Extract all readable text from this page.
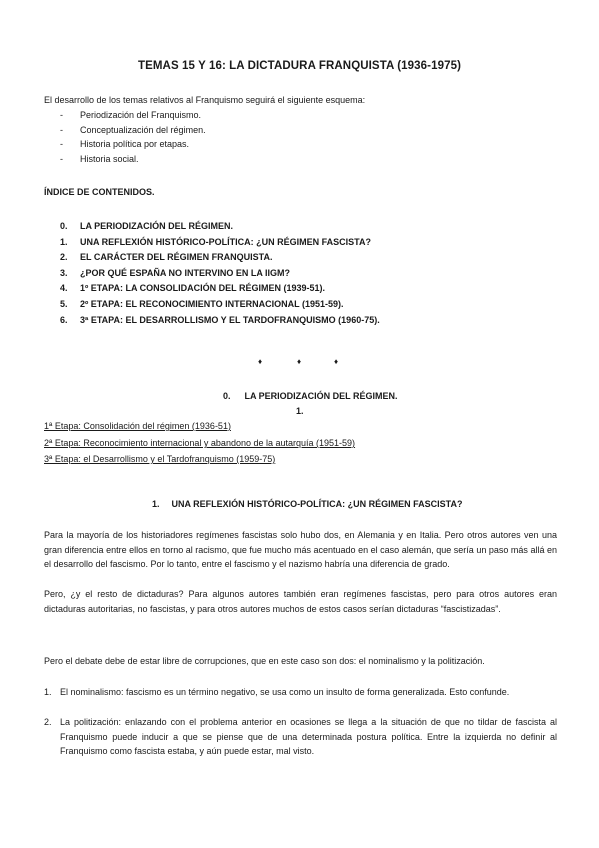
TEMAS 15 Y 16: LA DICTADURA FRANQUISTA (1936-1975)
El desarrollo de los temas relativos al Franquismo seguirá el siguiente esquema:
- Periodización del Franquismo.
- Conceptualización del régimen.
- Historia política por etapas.
- Historia social.
ÍNDICE DE CONTENIDOS.
0. LA PERIODIZACIÓN DEL RÉGIMEN.
1. UNA REFLEXIÓN HISTÓRICO-POLÍTICA: ¿UN RÉGIMEN FASCISTA?
2. EL CARÁCTER DEL RÉGIMEN FRANQUISTA.
3. ¿POR QUÉ ESPAÑA NO INTERVINO EN LA IIGM?
4. 1º ETAPA: LA CONSOLIDACIÓN DEL RÉGIMEN (1939-51).
5. 2º ETAPA: EL RECONOCIMIENTO INTERNACIONAL (1951-59).
6. 3ª ETAPA: EL DESARROLLISMO Y EL TARDOFRANQUISMO (1960-75).
♦	♦	♦
0. LA PERIODIZACIÓN DEL RÉGIMEN.
1.
1ª Etapa: Consolidación del régimen (1936-51)
2ª Etapa: Reconocimiento internacional y abandono de la autarquía (1951-59)
3ª Etapa: el Desarrollismo y el Tardofranquismo (1959-75)
1. UNA REFLEXIÓN HISTÓRICO-POLÍTICA: ¿UN RÉGIMEN FASCISTA?
Para la mayoría de los historiadores regímenes fascistas solo hubo dos, en Alemania y en Italia. Pero otros autores ven una gran diferencia entre ellos en torno al racismo, que fue mucho más acentuado en el caso alemán, que sería un paso más allá en el desarrollo del fascismo. Por lo tanto, entre el fascismo y el nazismo habría una diferencia de grado.
Pero, ¿y el resto de dictaduras? Para algunos autores también eran regímenes fascistas, pero para otros autores eran dictaduras autoritarias, no fascistas, y para otros autores muchos de estos casos serían dictaduras “fascistizadas”.
Pero el debate debe de estar libre de corrupciones, que en este caso son dos: el nominalismo y la politización.
1. El nominalismo: fascismo es un término negativo, se usa como un insulto de forma generalizada. Esto confunde.
2. La politización: enlazando con el problema anterior en ocasiones se llega a la situación de que no tildar de fascista al Franquismo puede inducir a que se piense que de una determinada postura política. Entre la izquierda no definir al Franquismo como fascista estaba, y aún puede estar, mal visto.
